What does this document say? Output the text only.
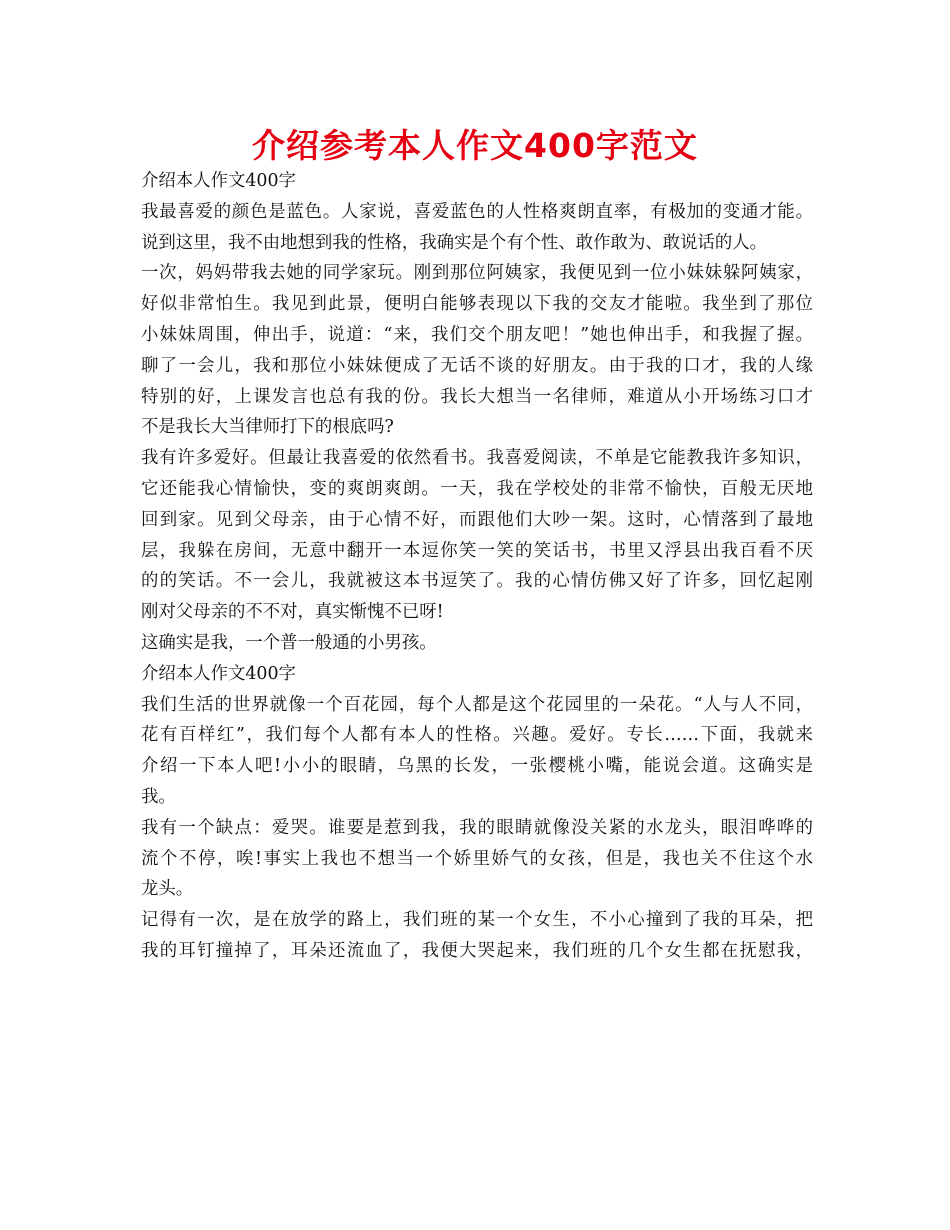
介绍参考本人作文400字范文
介绍本人作文400字
我最喜爱的颜色是蓝色。人家说，喜爱蓝色的人性格爽朗直率，有极加的变通才能。
说到这里，我不由地想到我的性格，我确实是个有个性、敢作敢为、敢说话的人。
一次，妈妈带我去她的同学家玩。刚到那位阿姨家，我便见到一位小妹妹躲阿姨家，
好似非常怕生。我见到此景，便明白能够表现以下我的交友才能啦。我坐到了那位
小妹妹周围，伸出手，说道：“来，我们交个朋友吧！”她也伸出手，和我握了握。
聊了一会儿，我和那位小妹妹便成了无话不谈的好朋友。由于我的口才，我的人缘
特别的好，上课发言也总有我的份。我长大想当一名律师，难道从小开场练习口才
不是我长大当律师打下的根底吗?
我有许多爱好。但最让我喜爱的依然看书。我喜爱阅读，不单是它能教我许多知识，
它还能我心情愉快，变的爽朗爽朗。一天，我在学校处的非常不愉快，百般无厌地
回到家。见到父母亲，由于心情不好，而跟他们大吵一架。这时，心情落到了最地
层，我躲在房间，无意中翻开一本逗你笑一笑的笑话书，书里又浮县出我百看不厌
的的笑话。不一会儿，我就被这本书逗笑了。我的心情仿佛又好了许多，回忆起刚
刚对父母亲的不不对，真实惭愧不已呀!
这确实是我，一个普一般通的小男孩。
介绍本人作文400字
我们生活的世界就像一个百花园，每个人都是这个花园里的一朵花。“人与人不同，
花有百样红”，我们每个人都有本人的性格。兴趣。爱好。专长……下面，我就来
介绍一下本人吧!小小的眼睛，乌黑的长发，一张樱桃小嘴，能说会道。这确实是
我。
我有一个缺点：爱哭。谁要是惹到我，我的眼睛就像没关紧的水龙头，眼泪哗哗的
流个不停，唉!事实上我也不想当一个娇里娇气的女孩，但是，我也关不住这个水
龙头。
记得有一次，是在放学的路上，我们班的某一个女生，不小心撞到了我的耳朵，把
我的耳钉撞掉了，耳朵还流血了，我便大哭起来，我们班的几个女生都在抚慰我，
